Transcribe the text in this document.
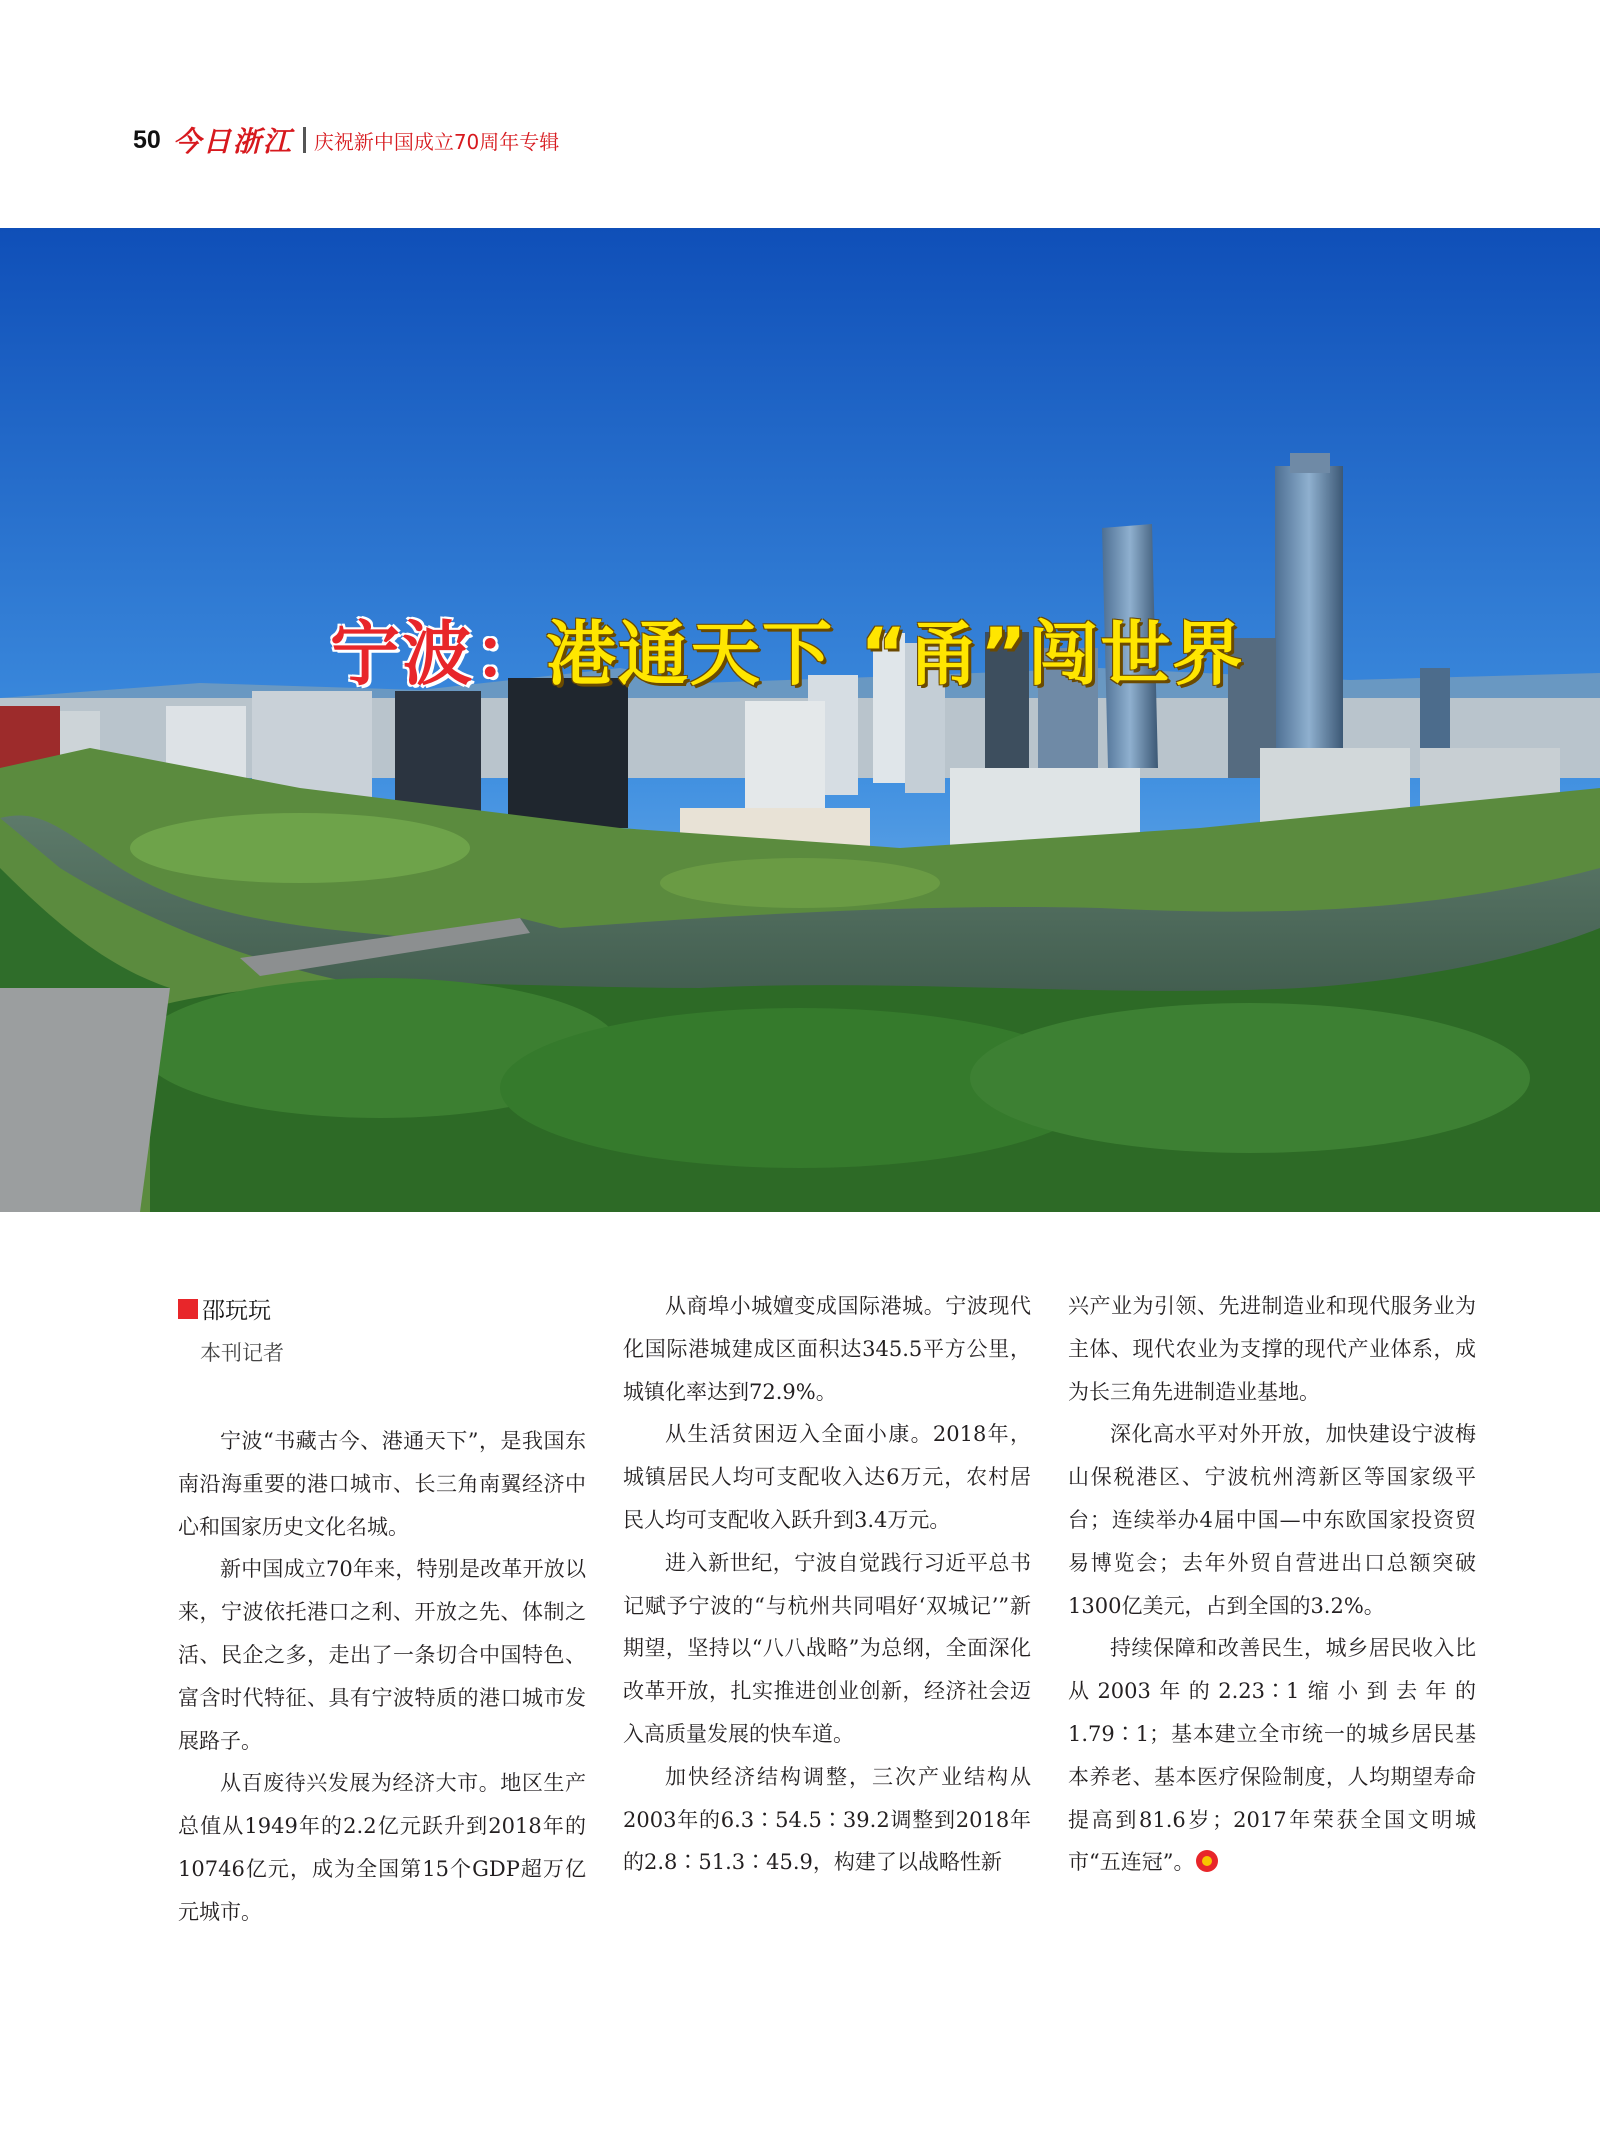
50 今日浙江 庆祝新中国成立70周年专辑
宁波：港通天下 “甬”闯世界
邵玩玩
本刊记者

宁波“书藏古今、港通天下”，是我国东南沿海重要的港口城市、长三角南翼经济中心和国家历史文化名城。

新中国成立70年来，特别是改革开放以来，宁波依托港口之利、开放之先、体制之活、民企之多，走出了一条切合中国特色、富含时代特征、具有宁波特质的港口城市发展路子。

从百废待兴发展为经济大市。地区生产总值从1949年的2.2亿元跃升到2018年的10746亿元，成为全国第15个GDP超万亿元城市。

从商埠小城嬗变成国际港城。宁波现代化国际港城建成区面积达345.5平方公里，城镇化率达到72.9%。

从生活贫困迈入全面小康。2018年，城镇居民人均可支配收入达6万元，农村居民人均可支配收入跃升到3.4万元。

进入新世纪，宁波自觉践行习近平总书记赋予宁波的“与杭州共同唱好‘双城记’”新期望，坚持以“八八战略”为总纲，全面深化改革开放，扎实推进创业创新，经济社会迈入高质量发展的快车道。

加快经济结构调整，三次产业结构从2003年的6.3∶54.5∶39.2调整到2018年的2.8∶51.3∶45.9，构建了以战略性新

兴产业为引领、先进制造业和现代服务业为主体、现代农业为支撑的现代产业体系，成为长三角先进制造业基地。

深化高水平对外开放，加快建设宁波梅山保税港区、宁波杭州湾新区等国家级平台；连续举办4届中国—中东欧国家投资贸易博览会；去年外贸自营进出口总额突破1300亿美元，占到全国的3.2%。

持续保障和改善民生，城乡居民收入比从2003年的2.23∶1缩小到去年的1.79∶1；基本建立全市统一的城乡居民基本养老、基本医疗保险制度，人均期望寿命提高到81.6岁；2017年荣获全国文明城市“五连冠”。
